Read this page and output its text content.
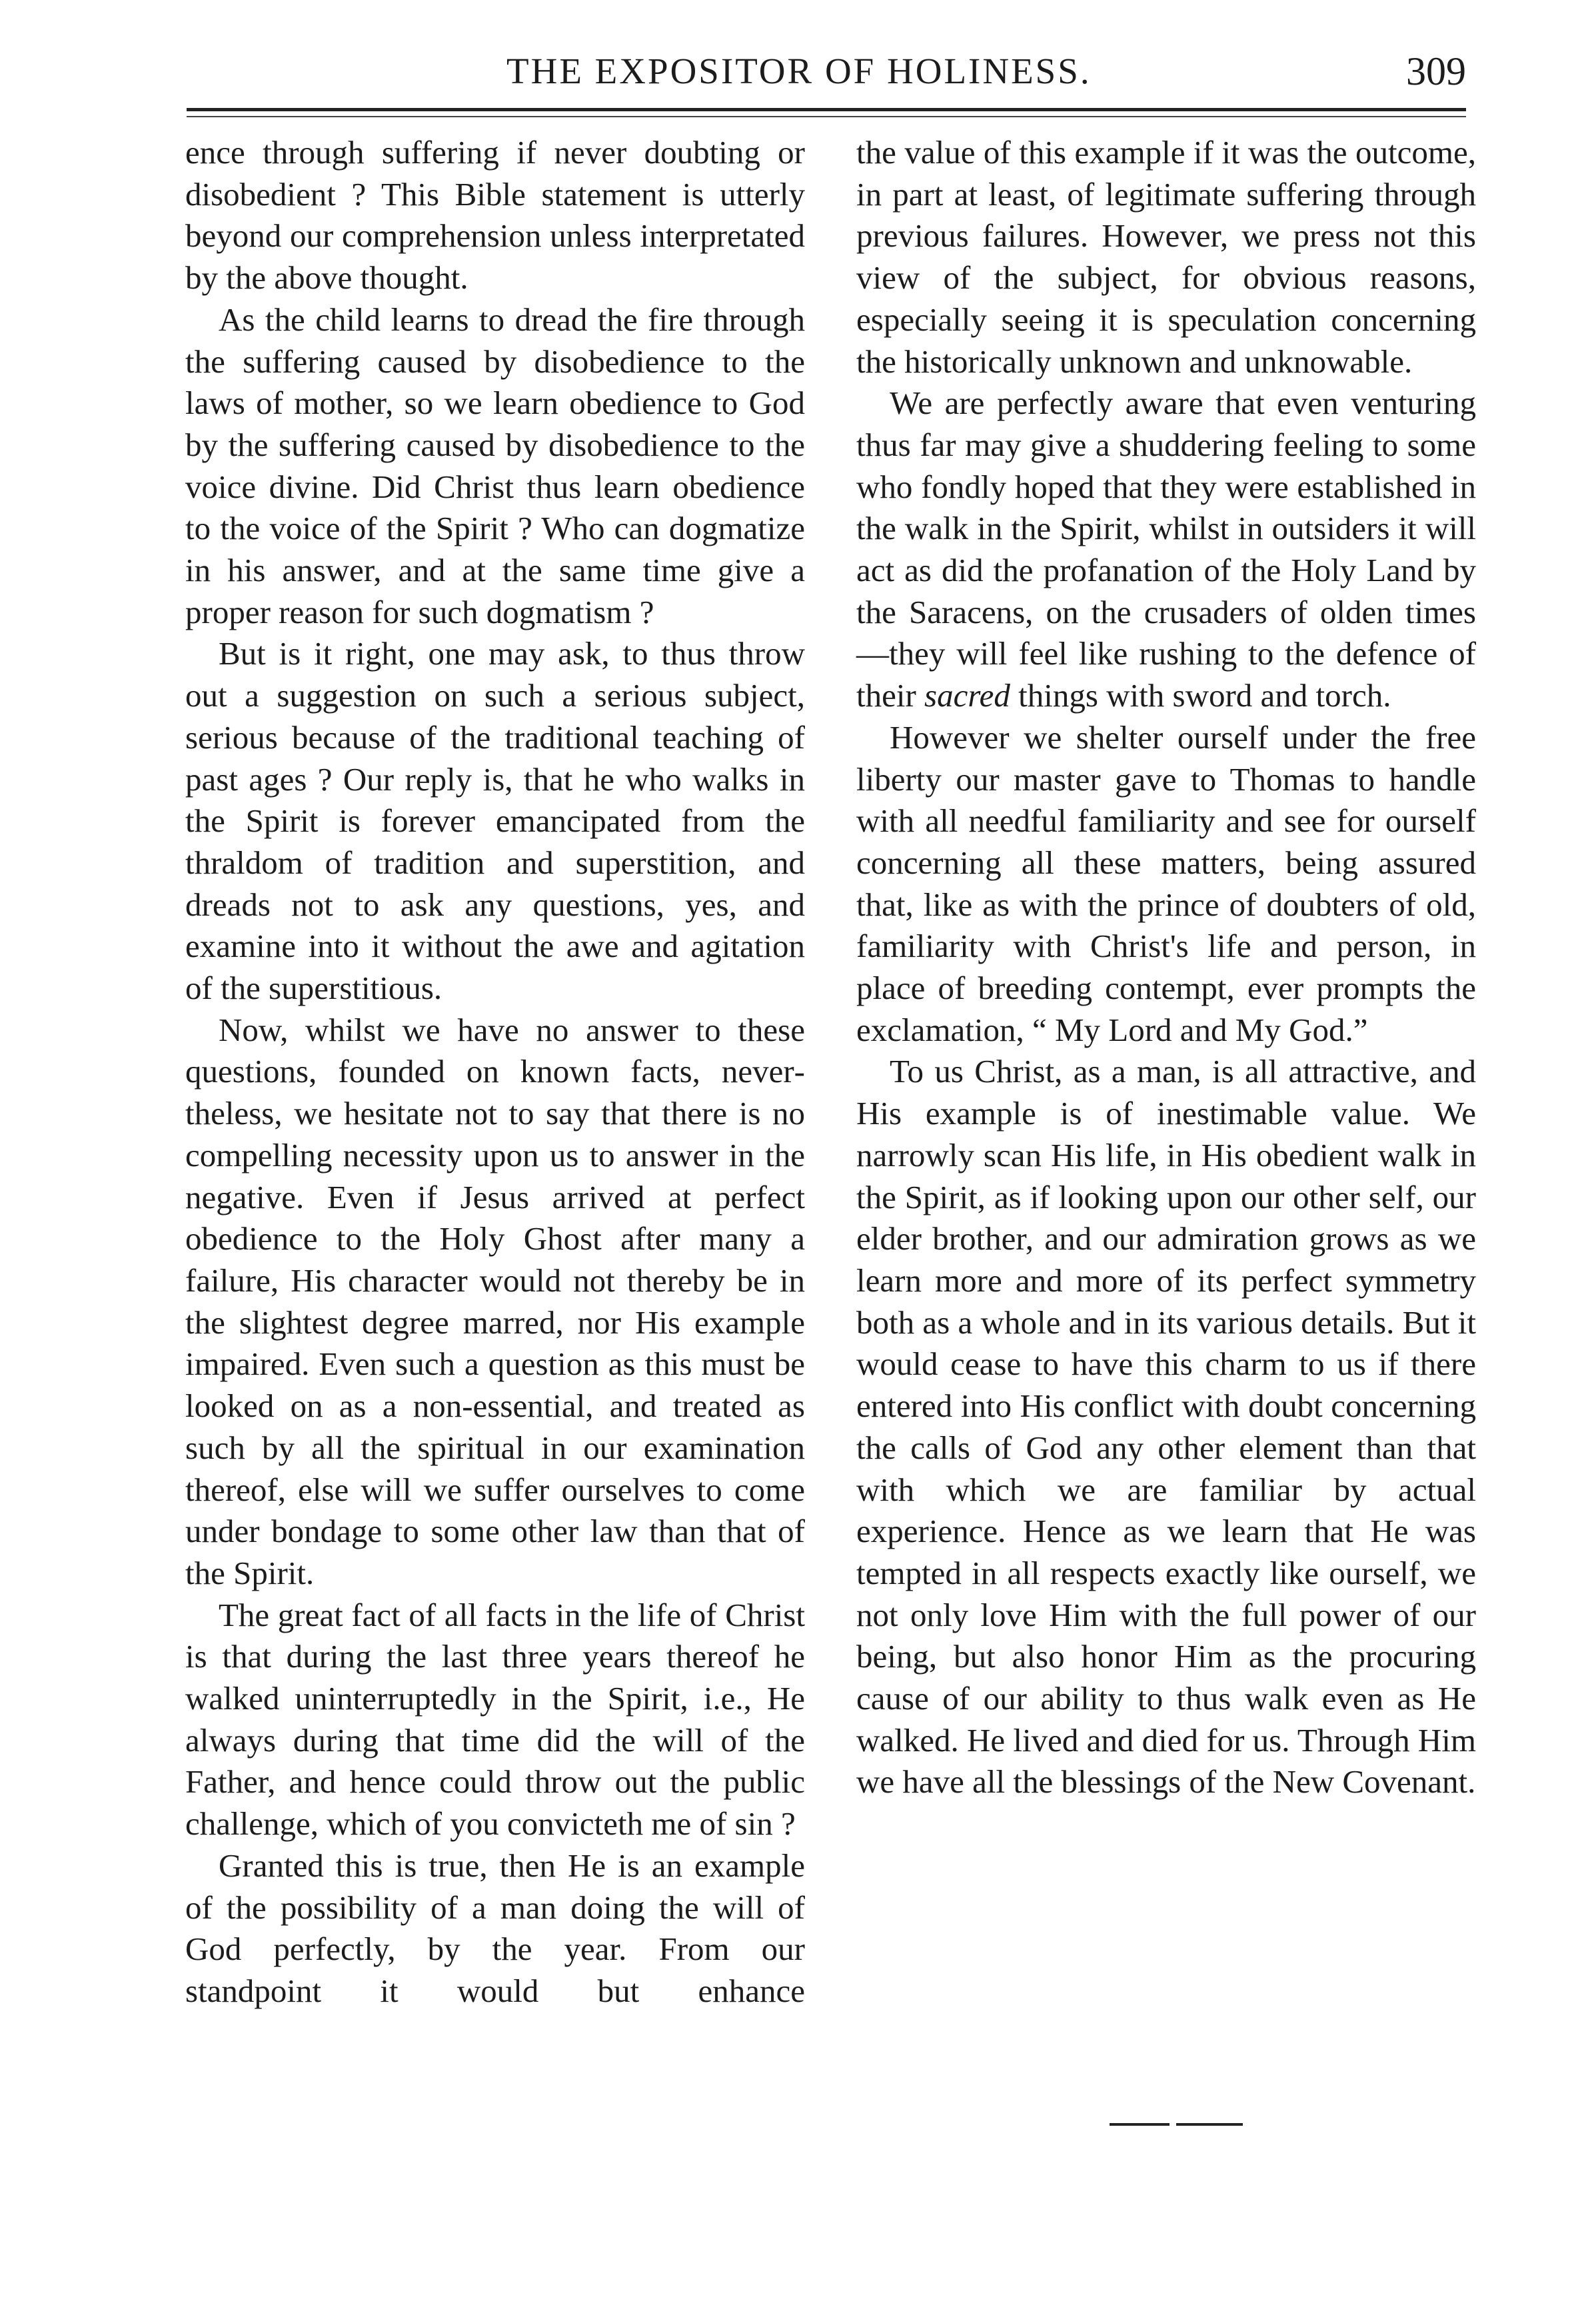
THE EXPOSITOR OF HOLINESS.	309

ence through suffering if never doubting or disobedient ? This Bible statement is utterly beyond our comprehension unless interpretated by the above thought.

As the child learns to dread the fire through the suffering caused by disobedience to the laws of mother, so we learn obedience to God by the suffering caused by disobedience to the voice divine. Did Christ thus learn obedience to the voice of the Spirit ? Who can dogmatize in his answer, and at the same time give a proper reason for such dogmatism ?

But is it right, one may ask, to thus throw out a suggestion on such a serious subject, serious because of the traditional teaching of past ages ? Our reply is, that he who walks in the Spirit is forever emancipated from the thraldom of tradition and superstition, and dreads not to ask any questions, yes, and examine into it without the awe and agitation of the superstitious.

Now, whilst we have no answer to these questions, founded on known facts, nevertheless, we hesitate not to say that there is no compelling necessity upon us to answer in the negative. Even if Jesus arrived at perfect obedience to the Holy Ghost after many a failure, His character would not thereby be in the slightest degree marred, nor His example impaired. Even such a question as this must be looked on as a non-essential, and treated as such by all the spiritual in our examination thereof, else will we suffer ourselves to come under bondage to some other law than that of the Spirit.

The great fact of all facts in the life of Christ is that during the last three years thereof he walked uninterruptedly in the Spirit, i.e., He always during that time did the will of the Father, and hence could throw out the public challenge, which of you convicteth me of sin ?

Granted this is true, then He is an example of the possibility of a man doing the will of God perfectly, by the year. From our standpoint it would but enhance

the value of this example if it was the outcome, in part at least, of legitimate suffering through previous failures. However, we press not this view of the subject, for obvious reasons, especially seeing it is speculation concerning the historically unknown and unknowable.

We are perfectly aware that even venturing thus far may give a shuddering feeling to some who fondly hoped that they were established in the walk in the Spirit, whilst in outsiders it will act as did the profanation of the Holy Land by the Saracens, on the crusaders of olden times —they will feel like rushing to the defence of their sacred things with sword and torch.

However we shelter ourself under the free liberty our master gave to Thomas to handle with all needful familiarity and see for ourself concerning all these matters, being assured that, like as with the prince of doubters of old, familiarity with Christ's life and person, in place of breeding contempt, ever prompts the exclamation, “ My Lord and My God.”

To us Christ, as a man, is all attractive, and His example is of inestimable value. We narrowly scan His life, in His obedient walk in the Spirit, as if looking upon our other self, our elder brother, and our admiration grows as we learn more and more of its perfect symmetry both as a whole and in its various details. But it would cease to have this charm to us if there entered into His conflict with doubt concerning the calls of God any other element than that with which we are familiar by actual experience. Hence as we learn that He was tempted in all respects exactly like ourself, we not only love Him with the full power of our being, but also honor Him as the procuring cause of our ability to thus walk even as He walked. He lived and died for us. Through Him we have all the blessings of the New Covenant.
